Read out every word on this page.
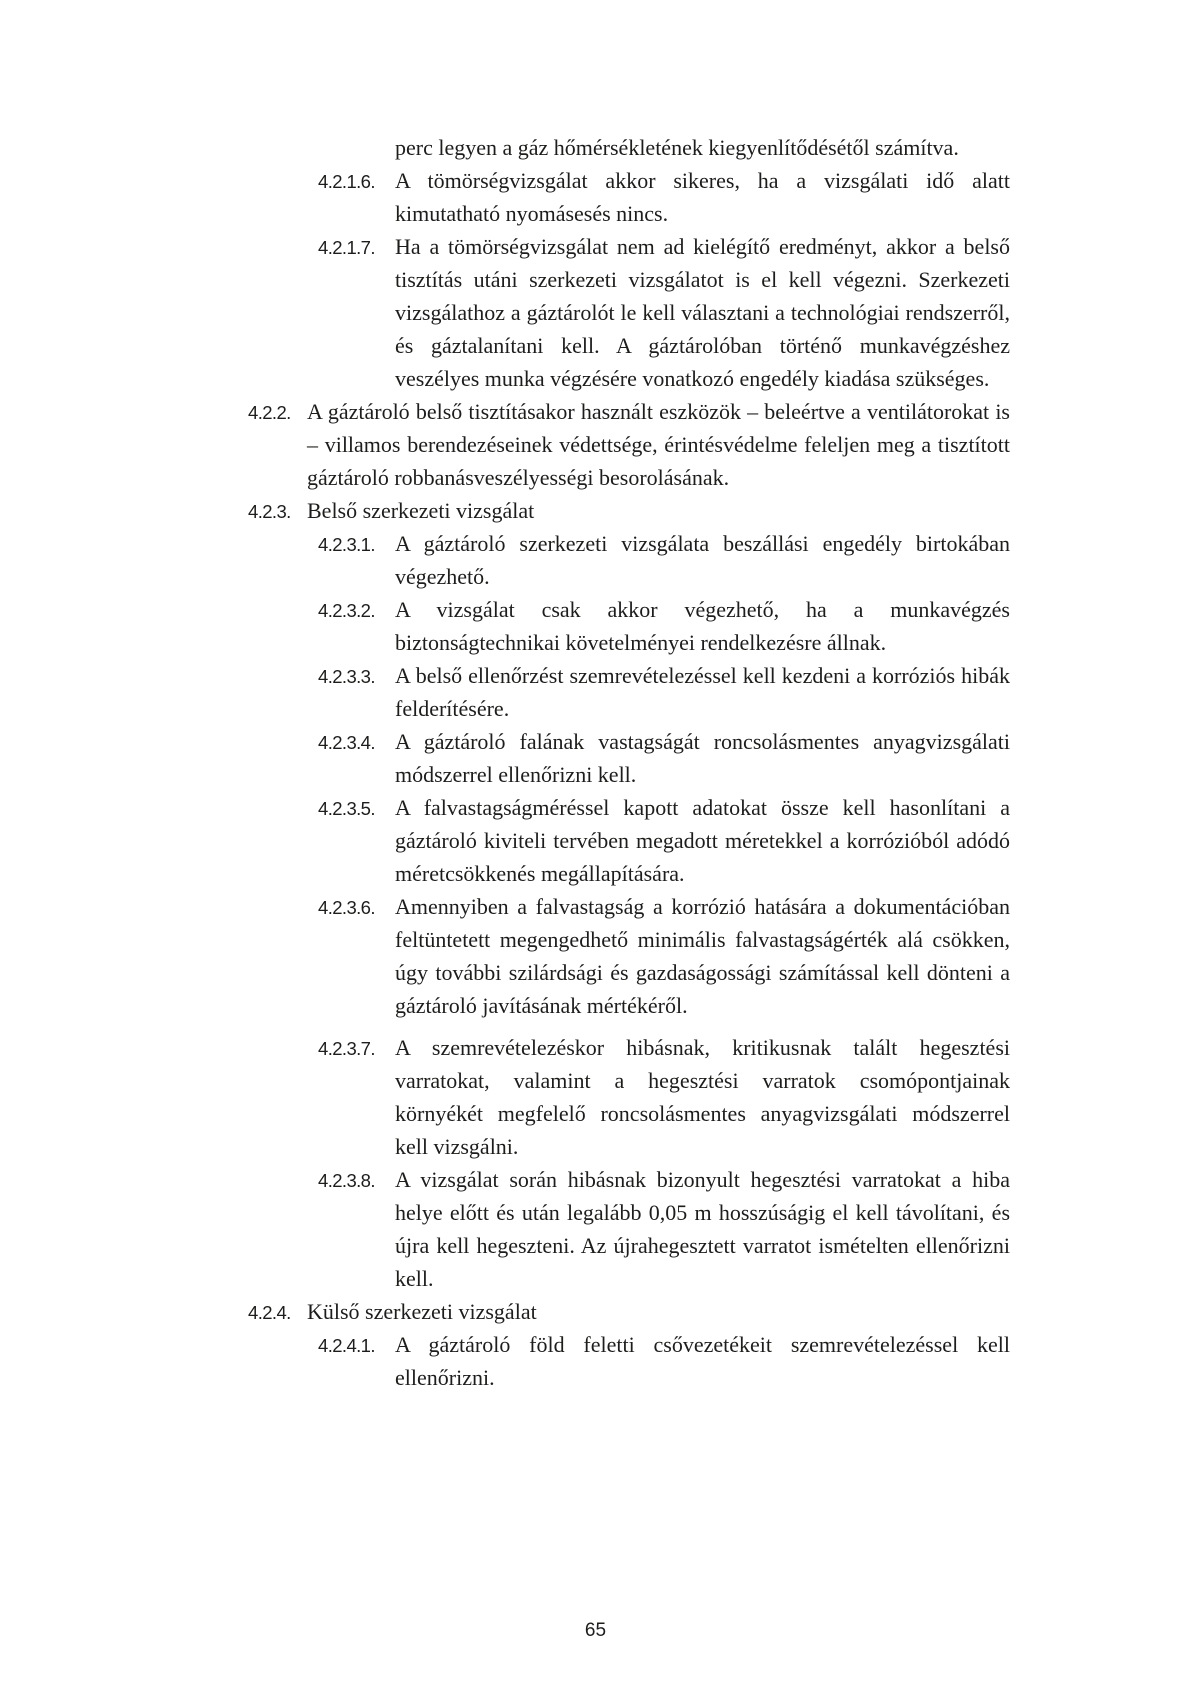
perc legyen a gáz hőmérsékletének kiegyenlítődésétől számítva.
4.2.1.6. A tömörségvizsgálat akkor sikeres, ha a vizsgálati idő alatt kimutatható nyomásesés nincs.
4.2.1.7. Ha a tömörségvizsgálat nem ad kielégítő eredményt, akkor a belső tisztítás utáni szerkezeti vizsgálatot is el kell végezni. Szerkezeti vizsgálathoz a gáztárolót le kell választani a technológiai rendszerről, és gáztalanítani kell. A gáztárolóban történő munkavégzéshez veszélyes munka végzésére vonatkozó engedély kiadása szükséges.
4.2.2. A gáztároló belső tisztításakor használt eszközök – beleértve a ventilátorokat is – villamos berendezéseinek védettsége, érintésvédelme feleljen meg a tisztított gáztároló robbanásveszélyességi besorolásának.
4.2.3. Belső szerkezeti vizsgálat
4.2.3.1. A gáztároló szerkezeti vizsgálata beszállási engedély birtokában végezhető.
4.2.3.2. A vizsgálat csak akkor végezhető, ha a munkavégzés biztonságtechnikai követelményei rendelkezésre állnak.
4.2.3.3. A belső ellenőrzést szemrevételezéssel kell kezdeni a korróziós hibák felderítésére.
4.2.3.4. A gáztároló falának vastagságát roncsolásmentes anyagvizsgálati módszerrel ellenőrizni kell.
4.2.3.5. A falvastagságméréssel kapott adatokat össze kell hasonlítani a gáztároló kiviteli tervében megadott méretekkel a korrózióból adódó méretcsökkenés megállapítására.
4.2.3.6. Amennyiben a falvastagság a korrózió hatására a dokumentációban feltüntetett megengedhető minimális falvastagságérték alá csökken, úgy további szilárdsági és gazdaságossági számítással kell dönteni a gáztároló javításának mértékéről.
4.2.3.7. A szemrevételezéskor hibásnak, kritikusnak talált hegesztési varratokat, valamint a hegesztési varratok csomópontjainak környékét megfelelő roncsolásmentes anyagvizsgálati módszerrel kell vizsgálni.
4.2.3.8. A vizsgálat során hibásnak bizonyult hegesztési varratokat a hiba helye előtt és után legalább 0,05 m hosszúságig el kell távolítani, és újra kell hegeszteni. Az újrahegesztett varratot ismételten ellenőrizni kell.
4.2.4. Külső szerkezeti vizsgálat
4.2.4.1. A gáztároló föld feletti csővezetékeit szemrevételezéssel kell ellenőrizni.
65
